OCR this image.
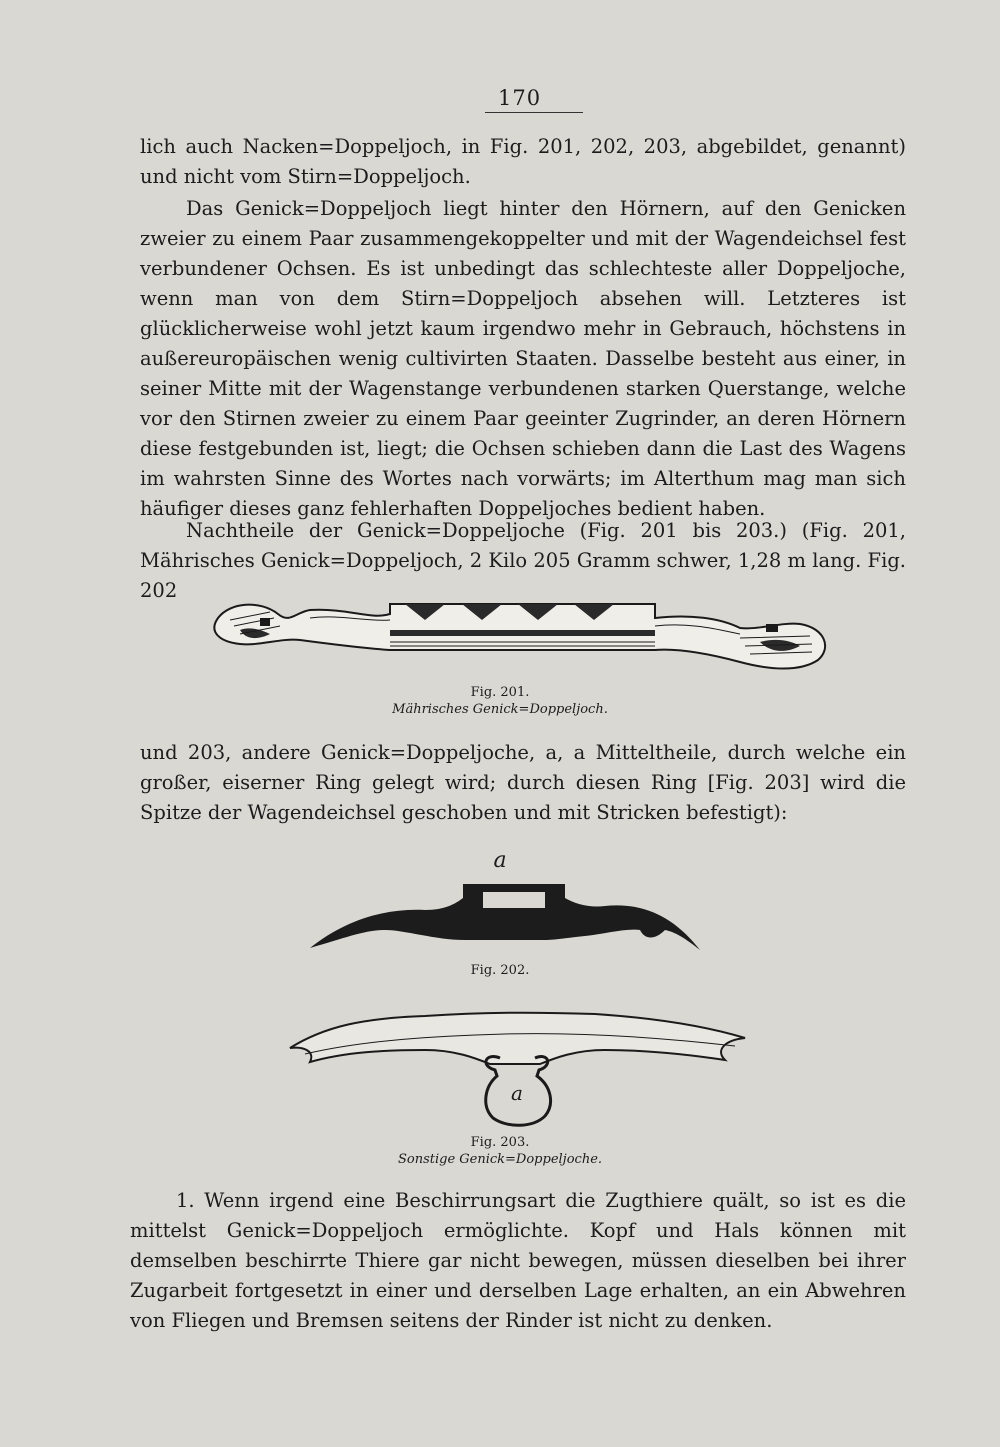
170

lich auch Nacken=Doppeljoch, in Fig. 201, 202, 203, abgebildet, genannt) und nicht vom Stirn=Doppeljoch.

Das Genick=Doppeljoch liegt hinter den Hörnern, auf den Genicken zweier zu einem Paar zusammengekoppelter und mit der Wagendeichsel fest verbundener Ochsen. Es ist unbedingt das schlechteste aller Doppeljoche, wenn man von dem Stirn=Doppeljoch absehen will. Letzteres ist glücklicherweise wohl jetzt kaum irgendwo mehr in Gebrauch, höchstens in außereuropäischen wenig cultivirten Staaten. Dasselbe besteht aus einer, in seiner Mitte mit der Wagenstange verbundenen starken Querstange, welche vor den Stirnen zweier zu einem Paar geeinter Zugrinder, an deren Hörnern diese festgebunden ist, liegt; die Ochsen schieben dann die Last des Wagens im wahrsten Sinne des Wortes nach vorwärts; im Alterthum mag man sich häufiger dieses ganz fehlerhaften Doppeljoches bedient haben.

Nachtheile der Genick=Doppeljoche (Fig. 201 bis 203.) (Fig. 201, Mährisches Genick=Doppeljoch, 2 Kilo 205 Gramm schwer, 1,28 m lang. Fig. 202

Fig. 201.
Mährisches Genick=Doppeljoch.

und 203, andere Genick=Doppeljoche, a, a Mitteltheile, durch welche ein großer, eiserner Ring gelegt wird; durch diesen Ring [Fig. 203] wird die Spitze der Wagendeichsel geschoben und mit Stricken befestigt):

a
Fig. 202.
a
Fig. 203.
Sonstige Genick=Doppeljoche.

1. Wenn irgend eine Beschirrungsart die Zugthiere quält, so ist es die mittelst Genick=Doppeljoch ermöglichte. Kopf und Hals können mit demselben beschirrte Thiere gar nicht bewegen, müssen dieselben bei ihrer Zugarbeit fortgesetzt in einer und derselben Lage erhalten, an ein Abwehren von Fliegen und Bremsen seitens der Rinder ist nicht zu denken.
